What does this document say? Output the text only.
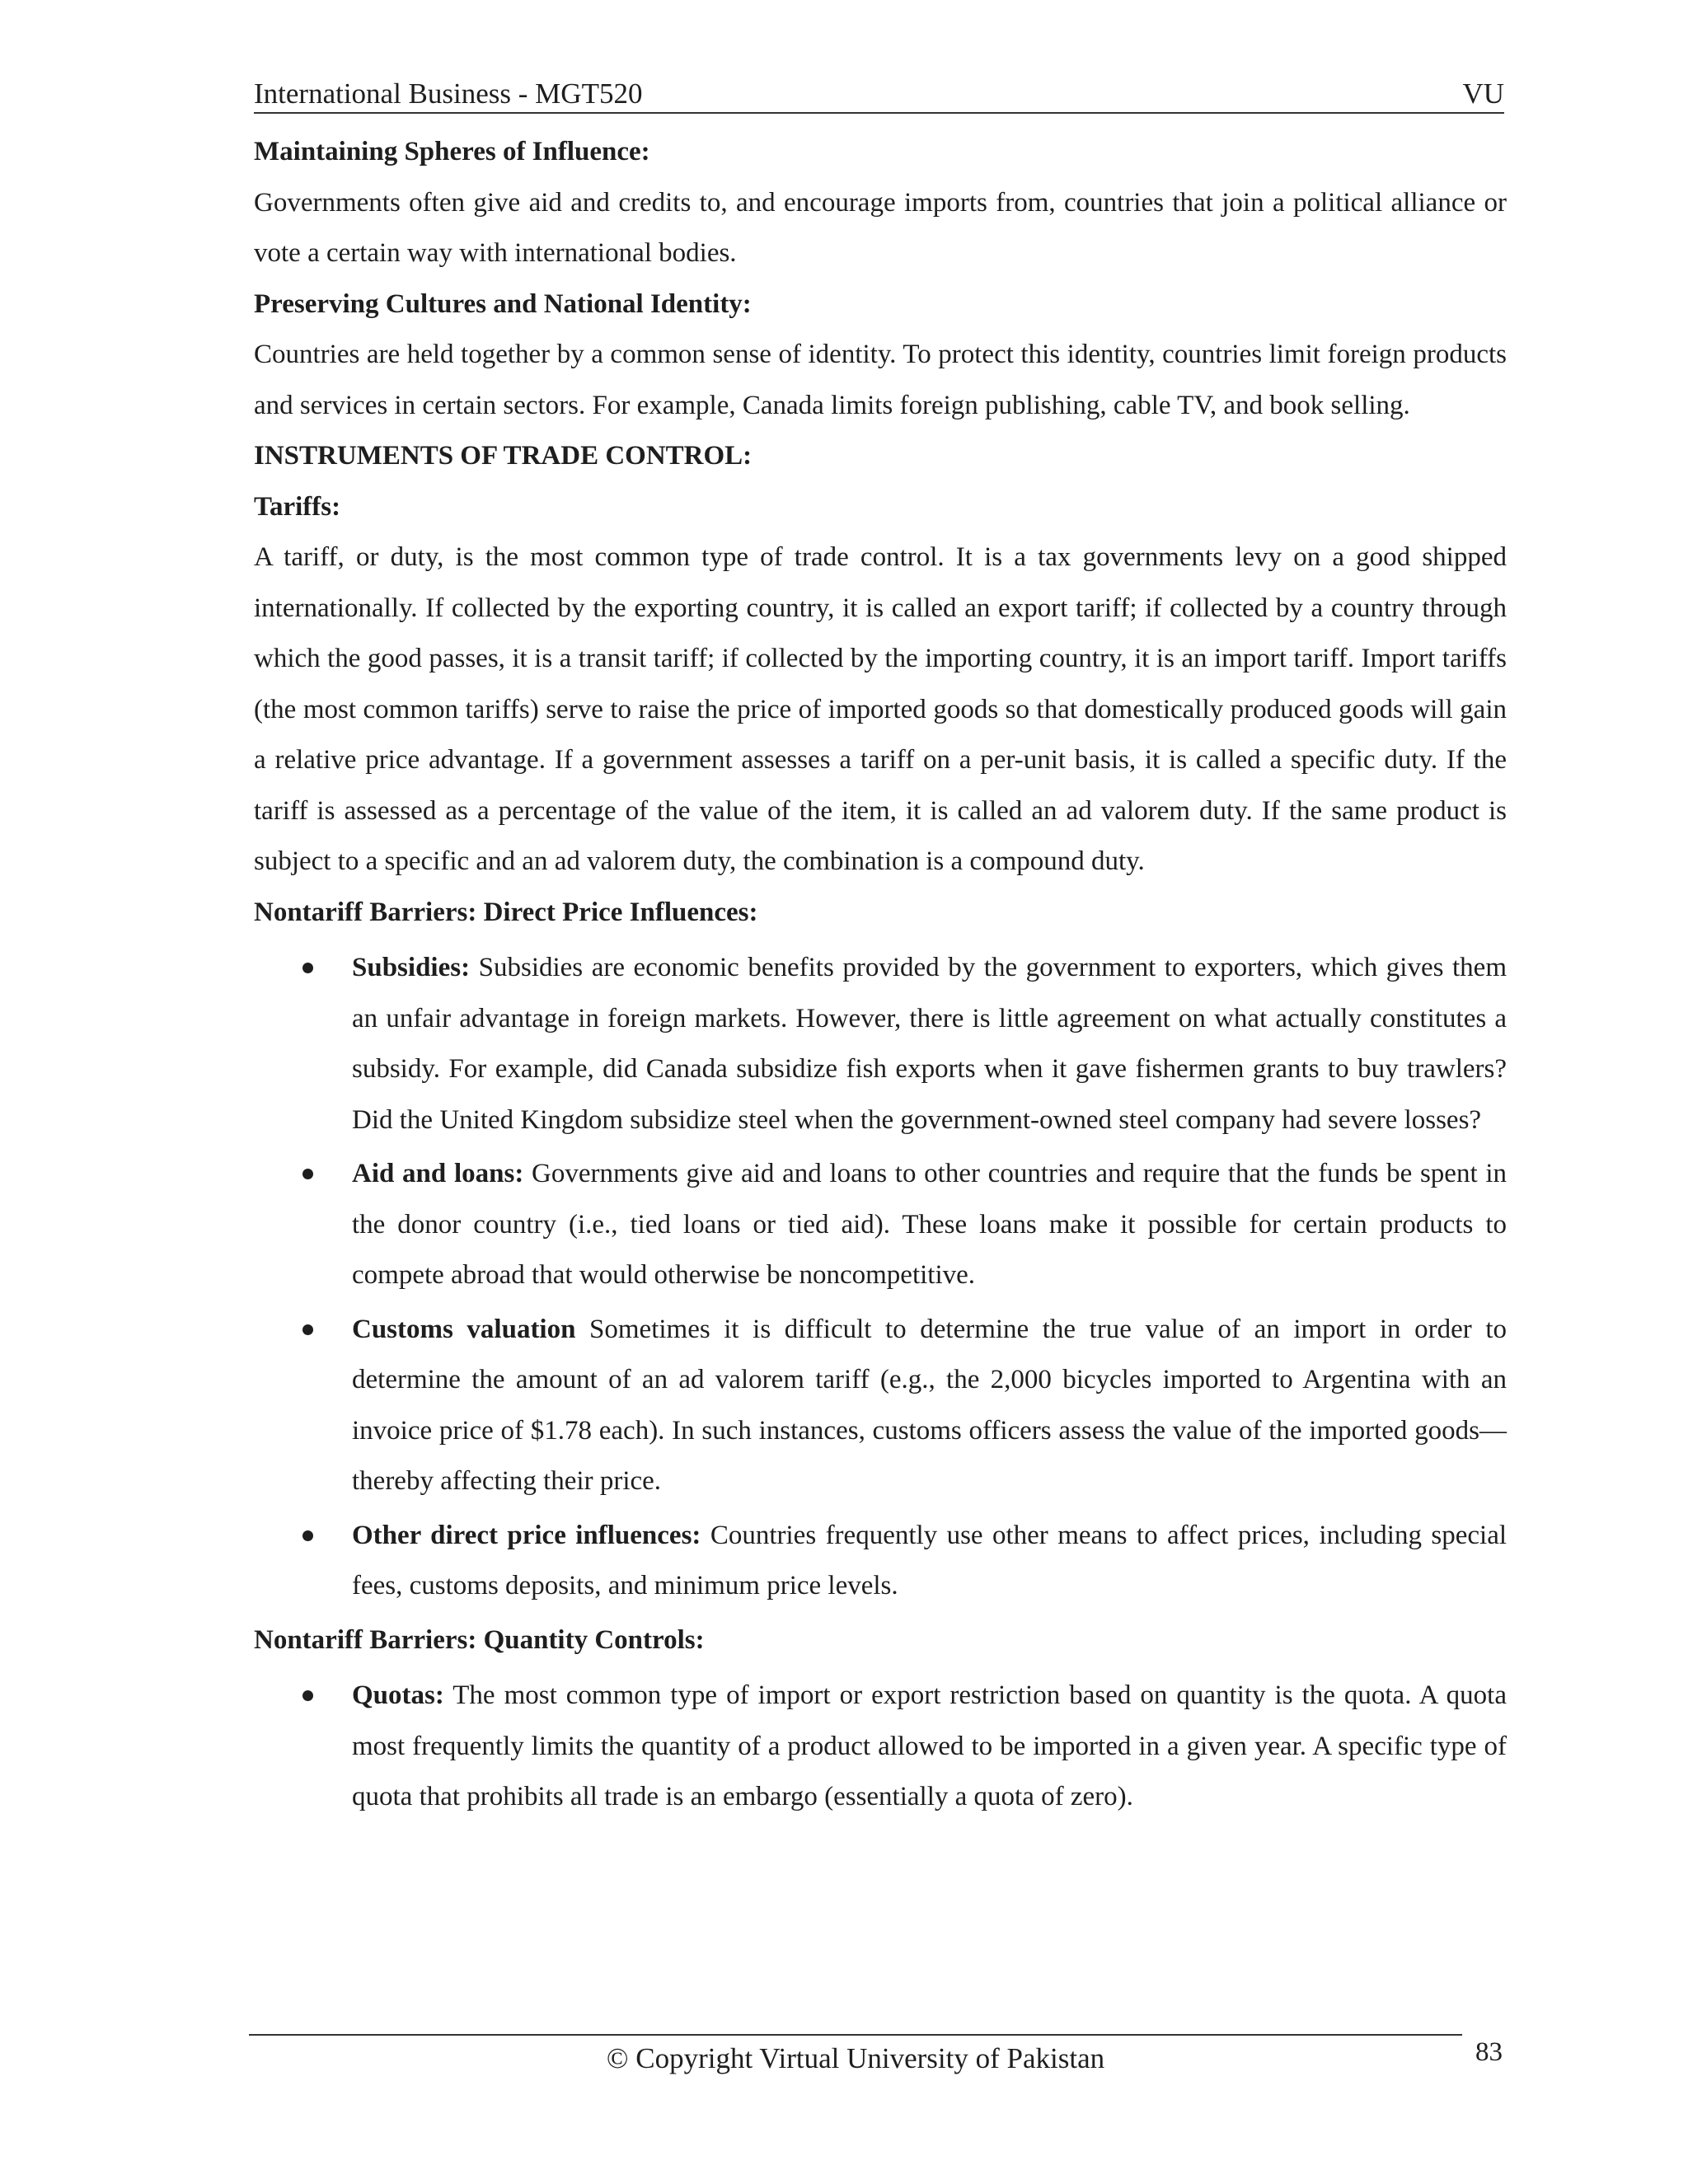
International Business - MGT520	VU

Maintaining Spheres of Influence:

Governments often give aid and credits to, and encourage imports from, countries that join a political alliance or vote a certain way with international bodies.

Preserving Cultures and National Identity:

Countries are held together by a common sense of identity. To protect this identity, countries limit foreign products and services in certain sectors. For example, Canada limits foreign publishing, cable TV, and book selling.

INSTRUMENTS OF TRADE CONTROL:

Tariffs:

A tariff, or duty, is the most common type of trade control. It is a tax governments levy on a good shipped internationally. If collected by the exporting country, it is called an export tariff; if collected by a country through which the good passes, it is a transit tariff; if collected by the importing country, it is an import tariff. Import tariffs (the most common tariffs) serve to raise the price of imported goods so that domestically produced goods will gain a relative price advantage. If a government assesses a tariff on a per-unit basis, it is called a specific duty. If the tariff is assessed as a percentage of the value of the item, it is called an ad valorem duty. If the same product is subject to a specific and an ad valorem duty, the combination is a compound duty.

Nontariff Barriers: Direct Price Influences:

Subsidies: Subsidies are economic benefits provided by the government to exporters, which gives them an unfair advantage in foreign markets. However, there is little agreement on what actually constitutes a subsidy. For example, did Canada subsidize fish exports when it gave fishermen grants to buy trawlers? Did the United Kingdom subsidize steel when the government-owned steel company had severe losses?
Aid and loans: Governments give aid and loans to other countries and require that the funds be spent in the donor country (i.e., tied loans or tied aid). These loans make it possible for certain products to compete abroad that would otherwise be noncompetitive.
Customs valuation Sometimes it is difficult to determine the true value of an import in order to determine the amount of an ad valorem tariff (e.g., the 2,000 bicycles imported to Argentina with an invoice price of $1.78 each). In such instances, customs officers assess the value of the imported goods—thereby affecting their price.
Other direct price influences: Countries frequently use other means to affect prices, including special fees, customs deposits, and minimum price levels.

Nontariff Barriers: Quantity Controls:

Quotas: The most common type of import or export restriction based on quantity is the quota. A quota most frequently limits the quantity of a product allowed to be imported in a given year. A specific type of quota that prohibits all trade is an embargo (essentially a quota of zero).
© Copyright Virtual University of Pakistan	83
